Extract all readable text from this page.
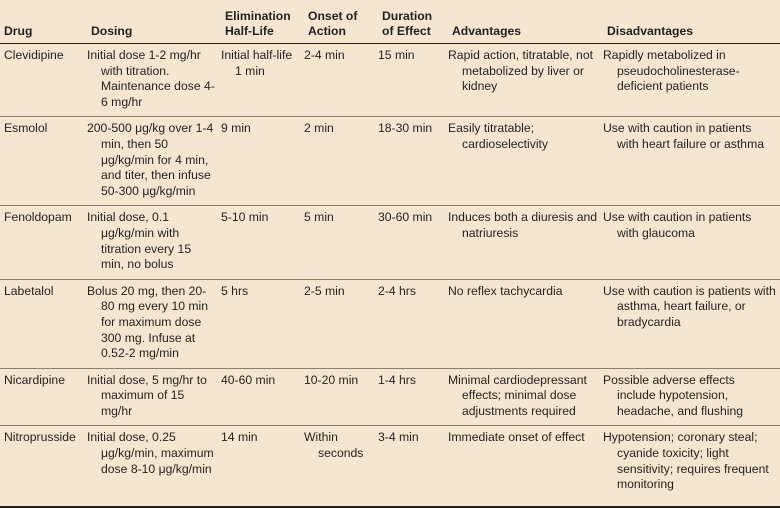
Drug	Dosing	Elimination Half-Life	Onset of Action	Duration of Effect	Advantages	Disadvantages
Clevidipine	Initial dose 1-2 mg/hr with titration. Maintenance dose 4-6 mg/hr	Initial half-life 1 min	2-4 min	15 min	Rapid action, titratable, not metabolized by liver or kidney	Rapidly metabolized in pseudocholinesterase-deficient patients
Esmolol	200-500 μg/kg over 1-4 min, then 50 μg/kg/min for 4 min, and titer, then infuse 50-300 μg/kg/min	9 min	2 min	18-30 min	Easily titratable; cardioselectivity	Use with caution in patients with heart failure or asthma
Fenoldopam	Initial dose, 0.1 μg/kg/min with titration every 15 min, no bolus	5-10 min	5 min	30-60 min	Induces both a diuresis and natriuresis	Use with caution in patients with glaucoma
Labetalol	Bolus 20 mg, then 20-80 mg every 10 min for maximum dose 300 mg. Infuse at 0.52-2 mg/min	5 hrs	2-5 min	2-4 hrs	No reflex tachycardia	Use with caution is patients with asthma, heart failure, or bradycardia
Nicardipine	Initial dose, 5 mg/hr to maximum of 15 mg/hr	40-60 min	10-20 min	1-4 hrs	Minimal cardiodepressant effects; minimal dose adjustments required	Possible adverse effects include hypotension, headache, and flushing
Nitroprusside	Initial dose, 0.25 μg/kg/min, maximum dose 8-10 μg/kg/min	14 min	Within seconds	3-4 min	Immediate onset of effect	Hypotension; coronary steal; cyanide toxicity; light sensitivity; requires frequent monitoring
